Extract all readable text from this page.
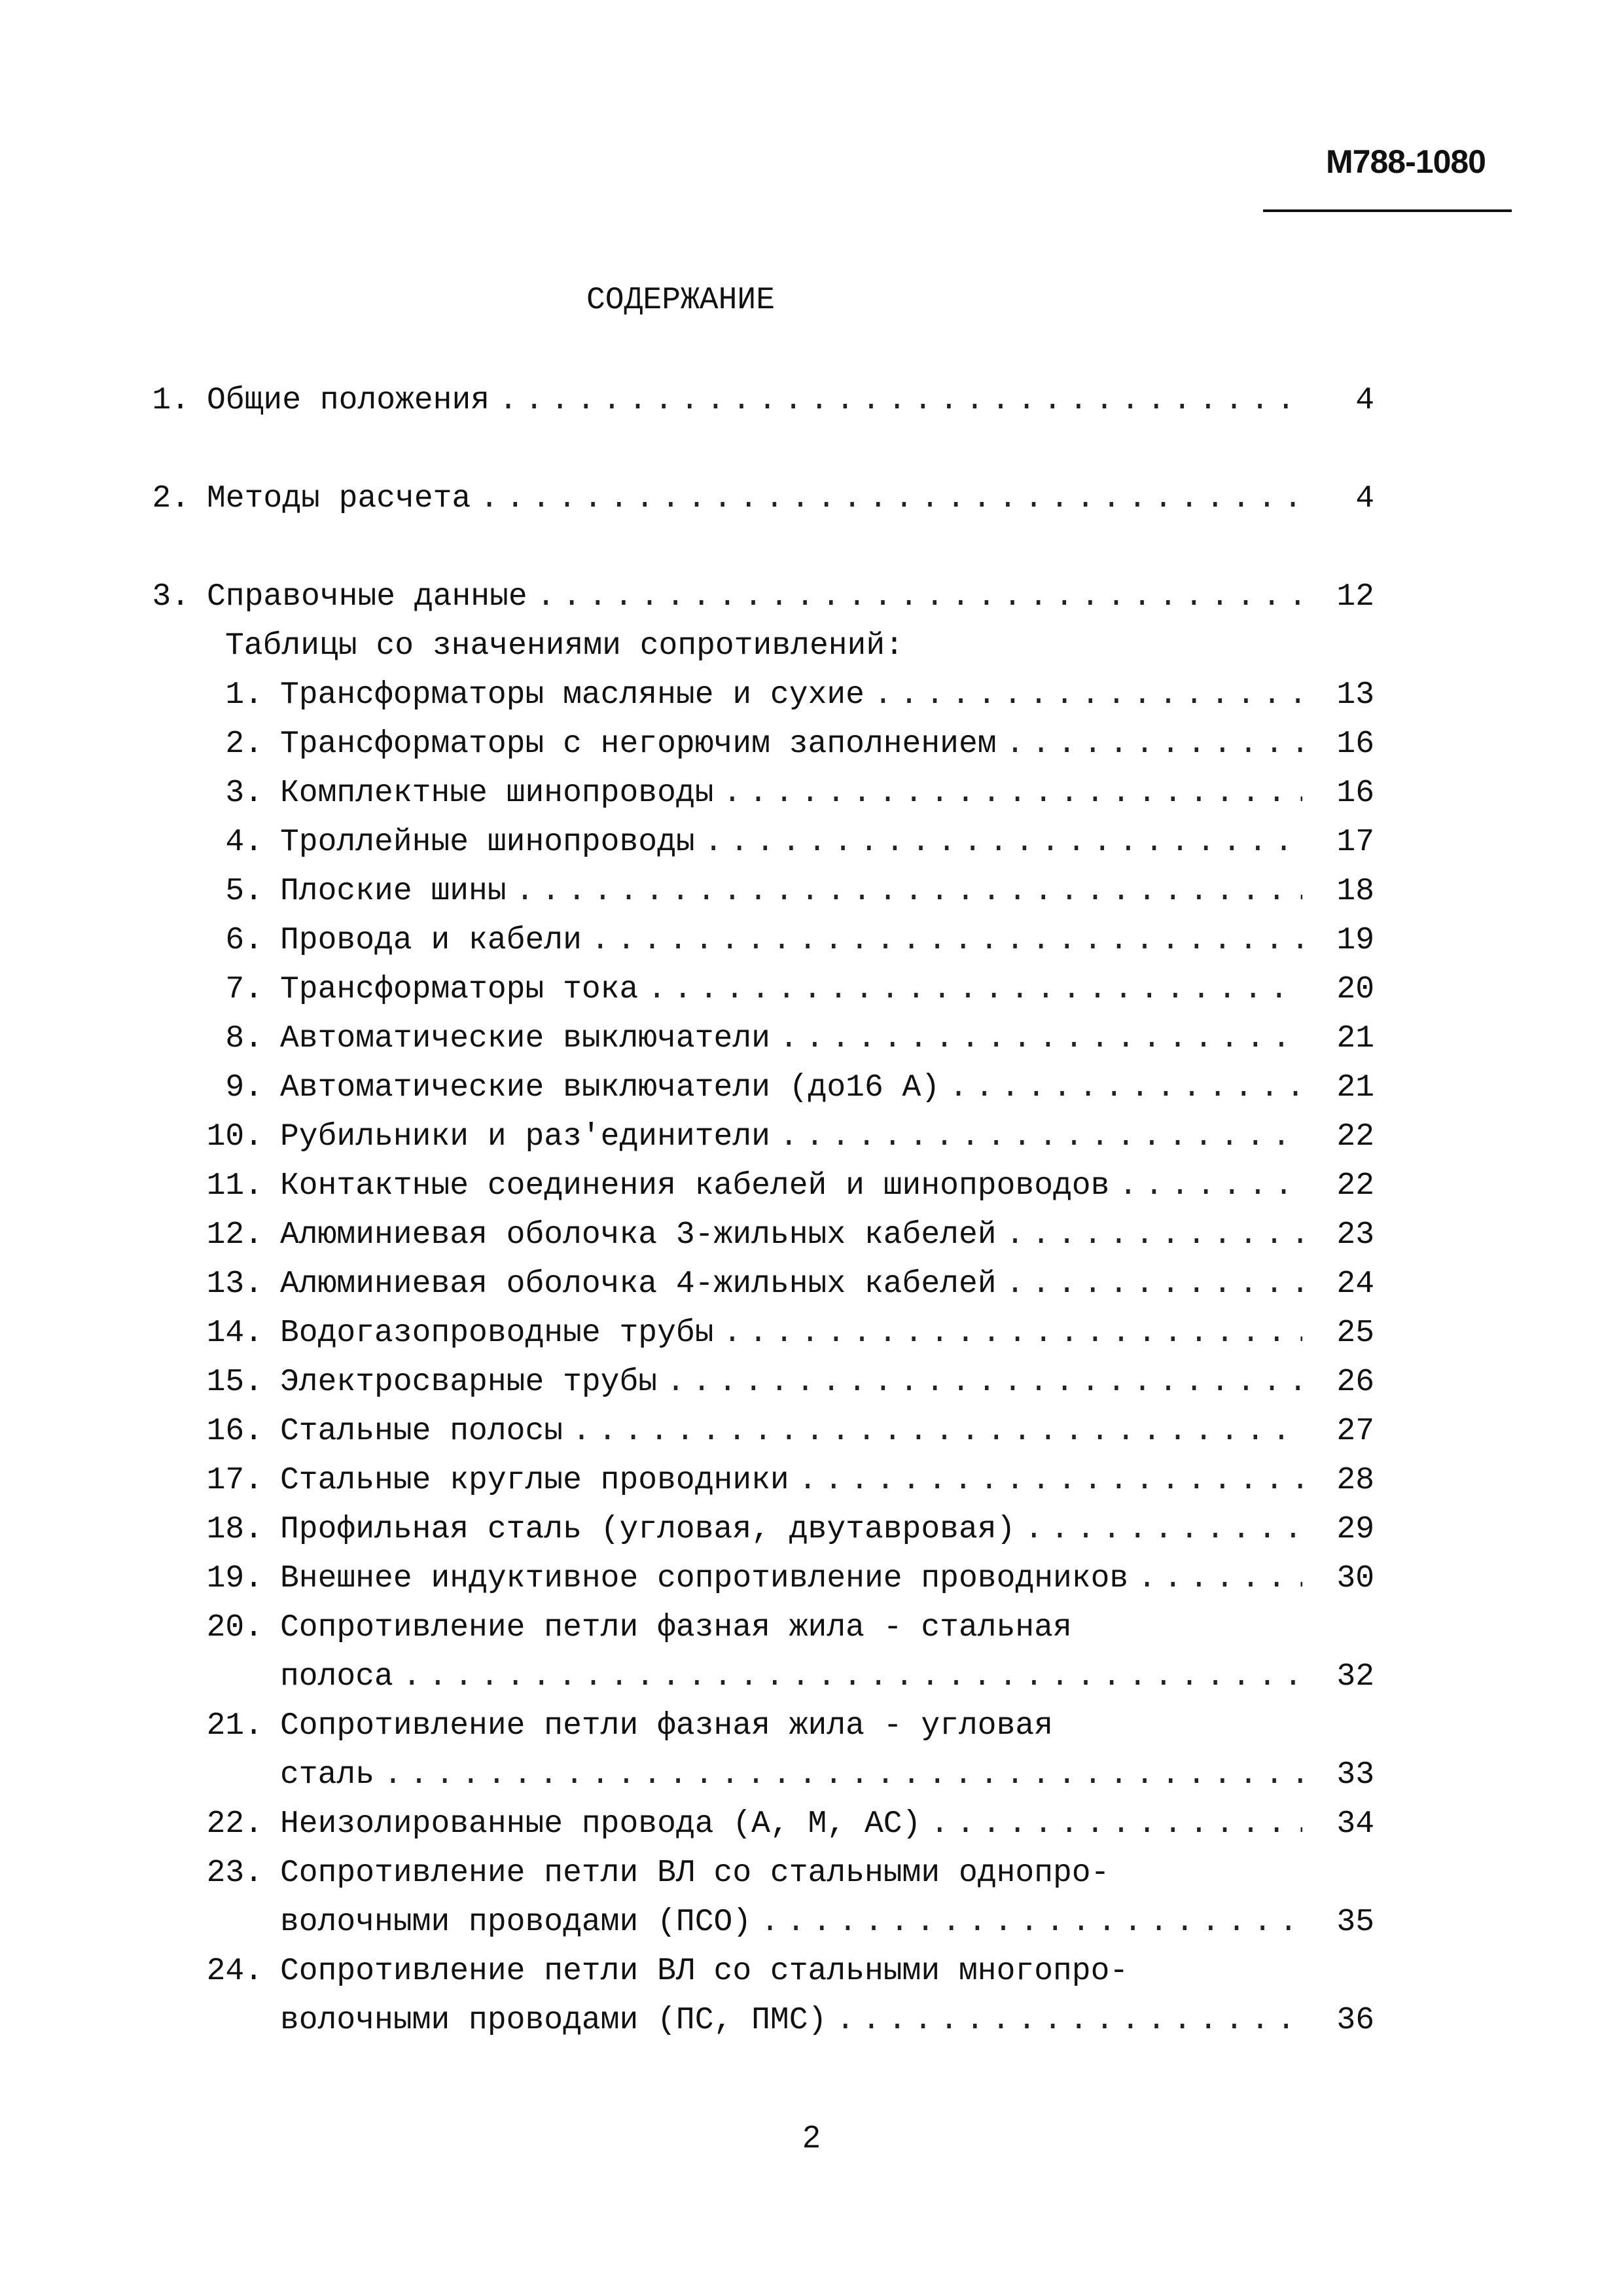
М788-1080
СОДЕРЖАНИЕ
1. Общие положения . . .	4
2. Методы расчета . . .	4
3. Справочные данные . . .	12
Таблицы со значениями сопротивлений:
1. Трансформаторы масляные и сухие . . .	13
2. Трансформаторы с негорючим заполнением . . .	16
3. Комплектные шинопроводы . . .	16
4. Троллейные шинопроводы . . .	17
5. Плоские шины . . .	18
6. Провода и кабели . . .	19
7. Трансформаторы тока . . .	20
8. Автоматические выключатели . . .	21
9. Автоматические выключатели (до16 А) . . .	21
10. Рубильники и раз'единители . . .	22
11. Контактные соединения кабелей и шинопроводов . . .	22
12. Алюминиевая оболочка 3-жильных кабелей . . .	23
13. Алюминиевая оболочка 4-жильных кабелей . . .	24
14. Водогазопроводные трубы . . .	25
15. Электросварные трубы . . .	26
16. Стальные полосы . . .	27
17. Стальные круглые проводники . . .	28
18. Профильная сталь (угловая, двутавровая) . . .	29
19. Внешнее индуктивное сопротивление проводников . . .	30
20. Сопротивление петли фазная жила - стальная
полоса . . .	32
21. Сопротивление петли фазная жила - угловая
сталь . . .	33
22. Неизолированные провода (А, М, АС) . . .	34
23. Сопротивление петли ВЛ со стальными однопро-
волочными проводами (ПСО) . . .	35
24. Сопротивление петли ВЛ со стальными многопро-
волочными проводами (ПС, ПМС) . . .	36
2
